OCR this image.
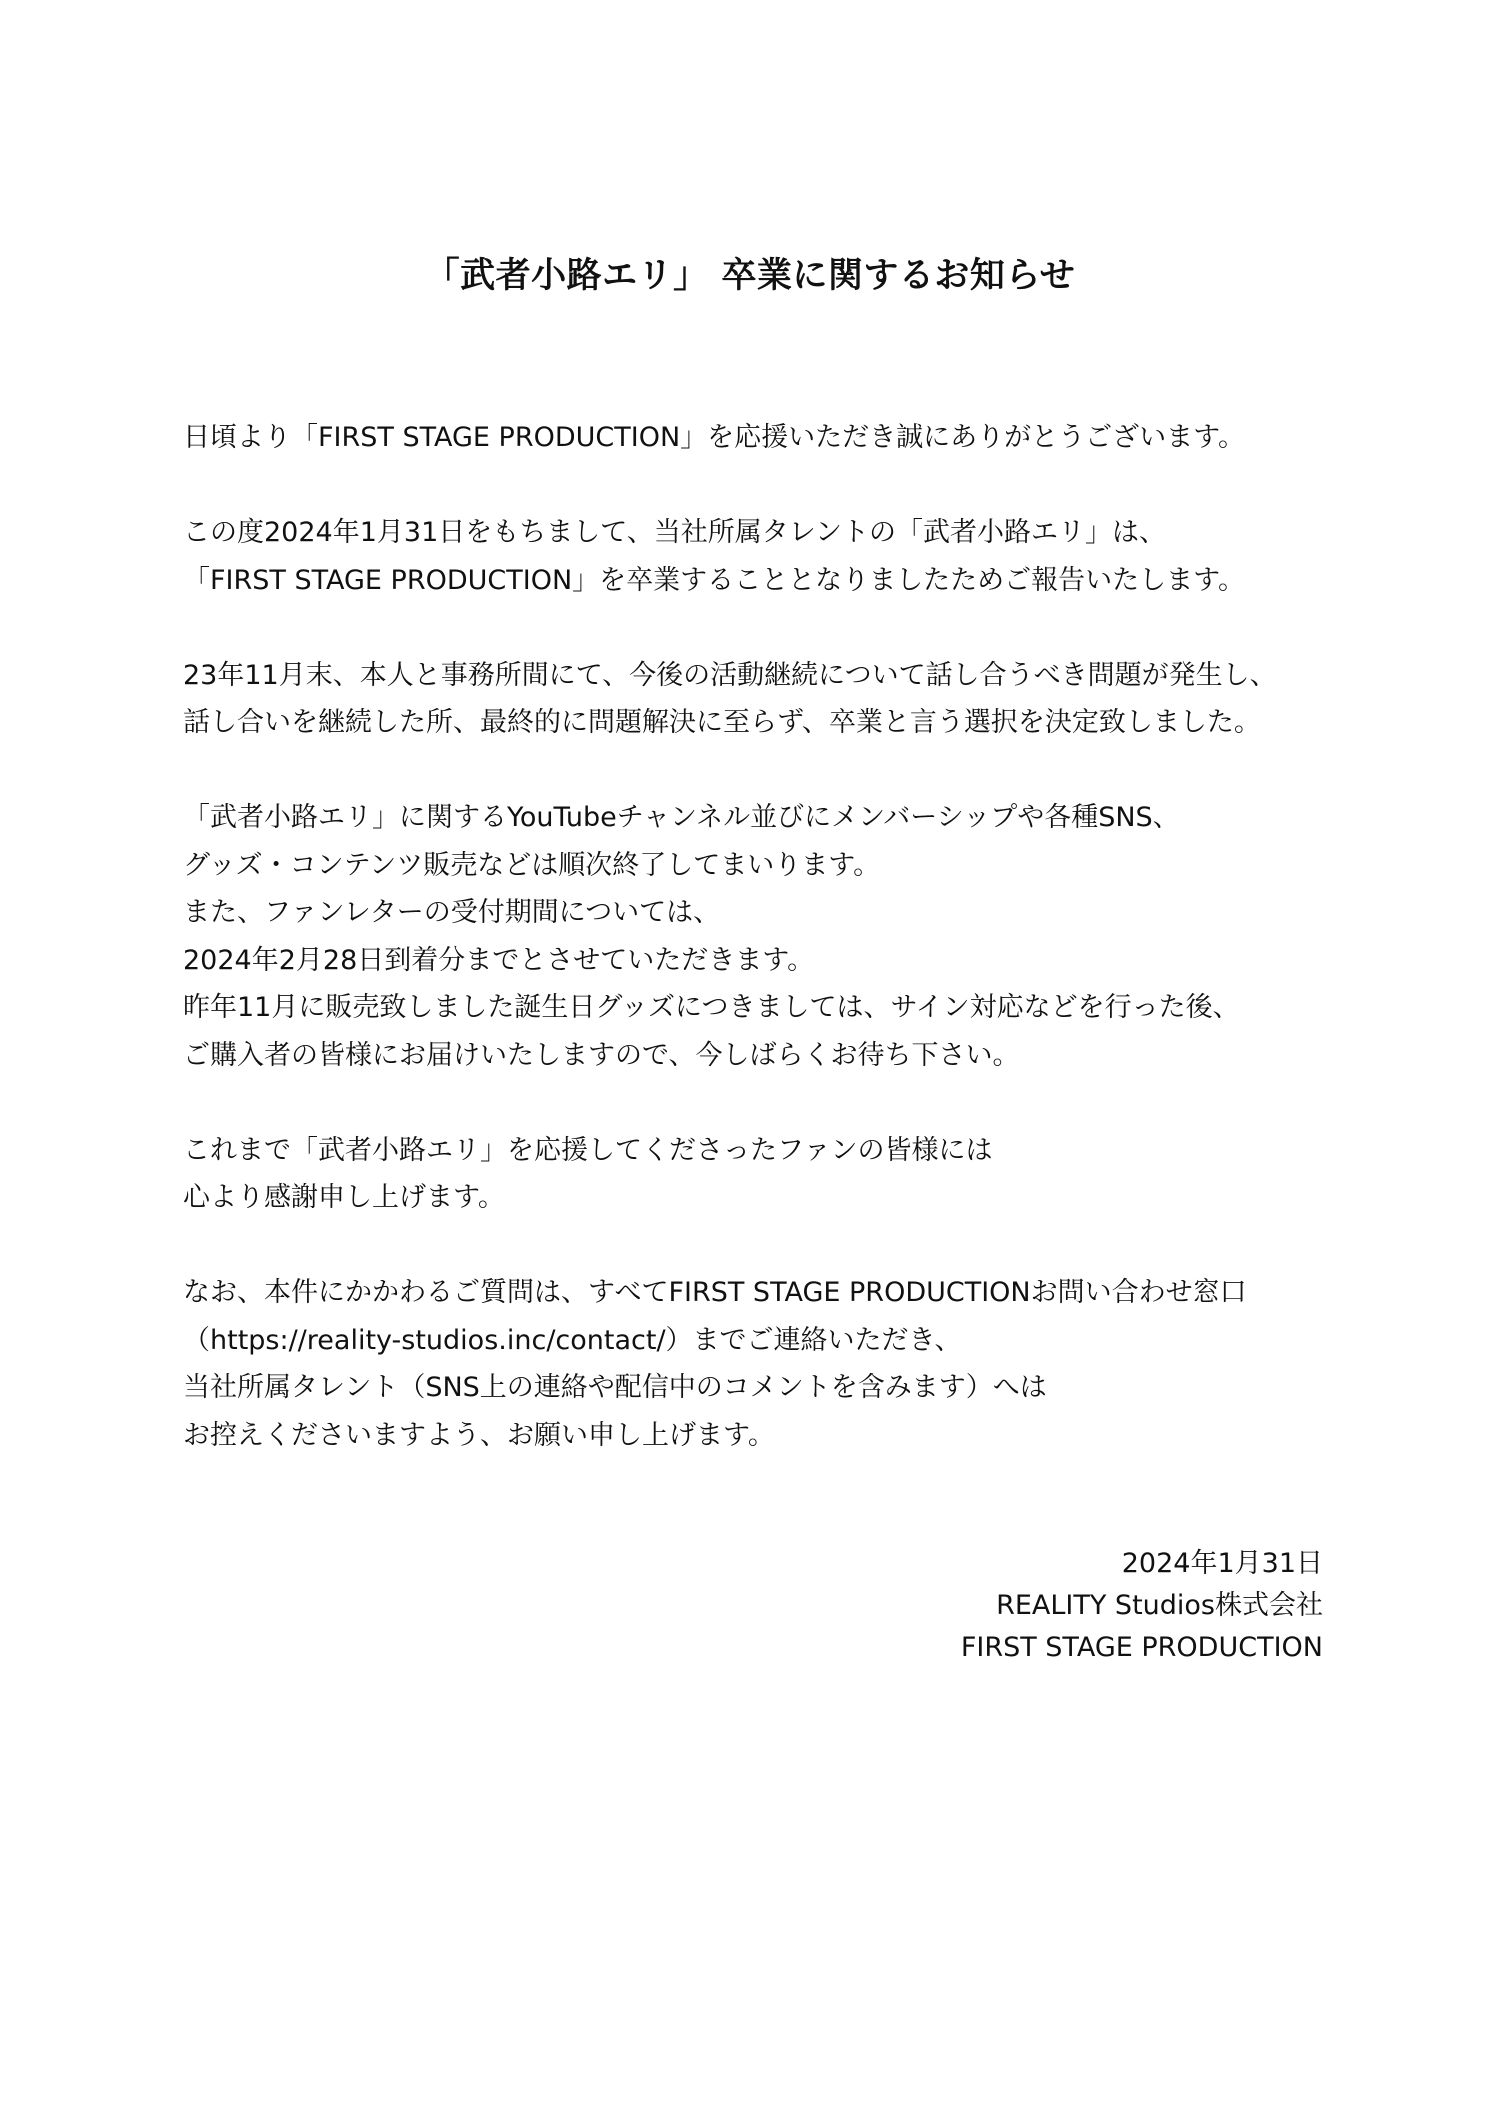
「武者小路エリ」 卒業に関するお知らせ

日頃より「FIRST STAGE PRODUCTION」を応援いただき誠にありがとうございます。

この度2024年1月31日をもちまして、当社所属タレントの「武者小路エリ」は、
「FIRST STAGE PRODUCTION」を卒業することとなりましたためご報告いたします。

23年11月末、本人と事務所間にて、今後の活動継続について話し合うべき問題が発生し、
話し合いを継続した所、最終的に問題解決に至らず、卒業と言う選択を決定致しました。

「武者小路エリ」に関するYouTubeチャンネル並びにメンバーシップや各種SNS、
グッズ・コンテンツ販売などは順次終了してまいります。
また、ファンレターの受付期間については、
2024年2月28日到着分までとさせていただきます。
昨年11月に販売致しました誕生日グッズにつきましては、サイン対応などを行った後、
ご購入者の皆様にお届けいたしますので、今しばらくお待ち下さい。

これまで「武者小路エリ」を応援してくださったファンの皆様には
心より感謝申し上げます。

なお、本件にかかわるご質問は、すべてFIRST STAGE PRODUCTIONお問い合わせ窓口
（https://reality-studios.inc/contact/）までご連絡いただき、
当社所属タレント（SNS上の連絡や配信中のコメントを含みます）へは
お控えくださいますよう、お願い申し上げます。

2024年1月31日
REALITY Studios株式会社
FIRST STAGE PRODUCTION
